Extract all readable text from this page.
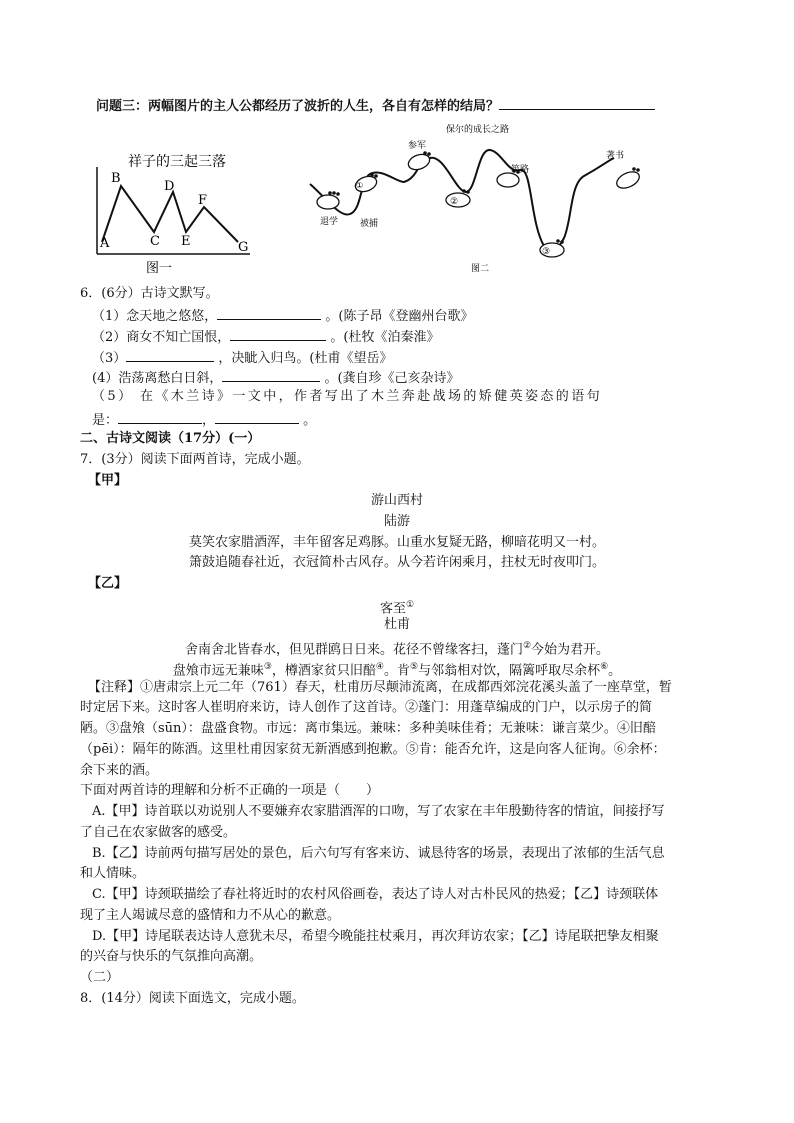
问题三：两幅图片的主人公都经历了波折的人生，各自有怎样的结局？
祥子的三起三落
A
B
C
D
E
F
G
图一
保尔的成长之路
退学
参军
被捕
筑路
著书
①
②
③
图二
6．(6分）古诗文默写。
（1）念天地之悠悠，	。(陈子昂《登幽州台歌》
（2）商女不知亡国恨，	。(杜牧《泊秦淮》
（3）	，决眦入归鸟。(杜甫《望岳》
(4）浩荡离愁白日斜，	。(龚自珍《己亥杂诗》
（5） 在《木兰诗》一文中，作者写出了木兰奔赴战场的矫健英姿态的语句
是：	，	。
二、古诗文阅读（17分）(一）
7．(3分）阅读下面两首诗，完成小题。
【甲】
游山西村
陆游
莫笑农家腊酒浑，丰年留客足鸡豚。山重水复疑无路，柳暗花明又一村。
箫鼓追随春社近，衣冠简朴古风存。从今若许闲乘月，拄杖无时夜叩门。
【乙】
客至①
杜甫
舍南舍北皆春水，但见群鸥日日来。花径不曾缘客扫，蓬门②今始为君开。
盘飧市远无兼味③，樽酒家贫只旧醅④。肯⑤与邻翁相对饮，隔篱呼取尽余杯⑥。
【注释】①唐肃宗上元二年（761）春天，杜甫历尽颠沛流离，在成都西郊浣花溪头盖了一座草堂，暂
时定居下来。这时客人崔明府来访，诗人创作了这首诗。②蓬门：用蓬草编成的门户，以示房子的简
陋。③盘飧（sūn）：盘盛食物。市远：离市集远。兼味：多种美味佳肴；无兼味：谦言菜少。④旧醅
（pēi）：隔年的陈酒。这里杜甫因家贫无新酒感到抱歉。⑤肯：能否允许，这是向客人征询。⑥余杯：
余下来的酒。
下面对两首诗的理解和分析不正确的一项是（　　）
A.【甲】诗首联以劝说别人不要嫌弃农家腊酒浑的口吻，写了农家在丰年殷勤待客的情谊，间接抒写
了自己在农家做客的感受。
B.【乙】诗前两句描写居处的景色，后六句写有客来访、诚恳待客的场景，表现出了浓郁的生活气息
和人情味。
C.【甲】诗颈联描绘了春社将近时的农村风俗画卷，表达了诗人对古朴民风的热爱；【乙】诗颈联体
现了主人竭诚尽意的盛情和力不从心的歉意。
D.【甲】诗尾联表达诗人意犹未尽，希望今晚能拄杖乘月，再次拜访农家；【乙】诗尾联把挚友相聚
的兴奋与快乐的气氛推向高潮。
（二）
8．(14分）阅读下面选文，完成小题。
